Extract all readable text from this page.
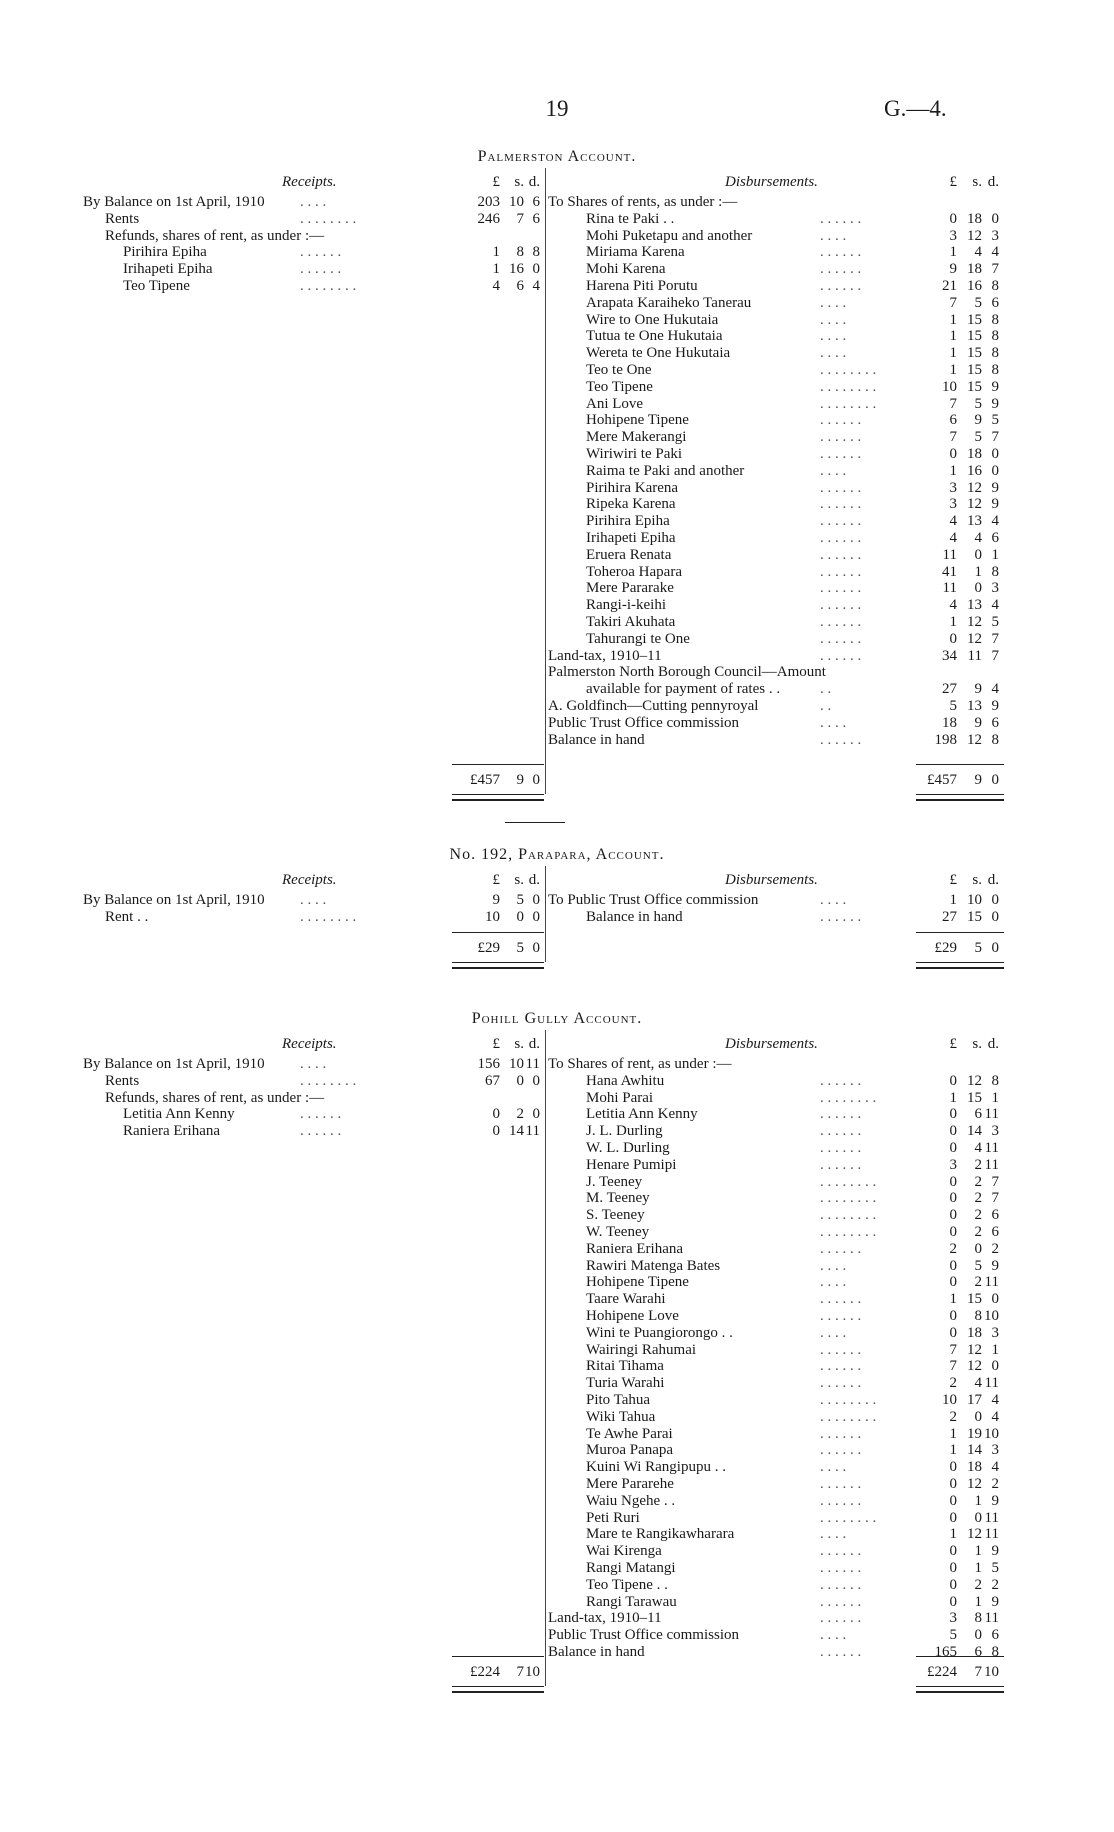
19	G.—4.
Palmerston Account.
Receipts.	£ s. d.	Disbursements.	£	s. d.
By Balance on 1st April, 1910 . . . .	203 10 6
Rents	. . . . . . . .	246	7 6
Refunds, shares of rent, as under :—
Pirihira Epiha	. . . . . .	1	8 8
Irihapeti Epiha	. . . . . .	1 16 0
Teo Tipene	. . . . . . . .	4	6 4
To Shares of rents, as under :—
Rina te Paki . .	. . . . . .	0 18 0
Mohi Puketapu and another	. . . .	3 12 3
Miriama Karena	. . . . . .	1	4 4
Mohi Karena	. . . . . .	9 18 7
Harena Piti Porutu	. . . . . .	21 16 8
Arapata Karaiheko Tanerau	. . . .	7	5 6
Wire to One Hukutaia	. . . .	1 15 8
Tutua te One Hukutaia	. . . .	1 15 8
Wereta te One Hukutaia	. . . .	1 15 8
Teo te One	. . . . . . . .	1 15 8
Teo Tipene	. . . . . . . .	10 15 9
Ani Love	. . . . . . . .	7	5 9
Hohipene Tipene	. . . . . .	6	9 5
Mere Makerangi	. . . . . .	7	5 7
Wiriwiri te Paki	. . . . . .	0 18 0
Raima te Paki and another	. . . .	1 16 0
Pirihira Karena	. . . . . .	3 12 9
Ripeka Karena	. . . . . .	3 12 9
Pirihira Epiha	. . . . . .	4 13 4
Irihapeti Epiha	. . . . . .	4	4 6
Eruera Renata	. . . . . .	11	0 1
Toheroa Hapara	. . . . . .	41	1 8
Mere Pararake	. . . . . .	11	0 3
Rangi-i-keihi	. . . . . .	4 13 4
Takiri Akuhata	. . . . . .	1 12 5
Tahurangi te One	. . . . . .	0 12 7
Land-tax, 1910–11	. . . . . .	34 11 7
Palmerston North Borough Council—Amount
available for payment of rates . .	. .	27	9 4
A. Goldfinch—Cutting pennyroyal	. .	5 13 9
Public Trust Office commission	. . . .	18	9 6
Balance in hand	. . . . . .	198 12 8
£457	9 0	£457	9 0
No. 192, Parapara, Account.
Receipts.	£ s. d.	Disbursements.	£	s. d.
By Balance on 1st April, 1910 . . . .	9	5 0
Rent . .	. . . . . . . .	10	0 0
To Public Trust Office commission	. . . .	1 10 0
Balance in hand	. . . . . .	27 15 0
£29	5 0	£29	5 0
Pohill Gully Account.
Receipts.	£ s. d.	Disbursements.	£	s. d.
By Balance on 1st April, 1910 . . . .	156 10 11
Rents	. . . . . . . .	67	0 0
Refunds, shares of rent, as under :—
Letitia Ann Kenny	. . . . . .	0	2 0
Raniera Erihana	. . . . . .	0 14 11
To Shares of rent, as under :—
Hana Awhitu	. . . . . .	0 12 8
Mohi Parai	. . . . . . . .	1 15 1
Letitia Ann Kenny	. . . . . .	0	6 11
J. L. Durling	. . . . . .	0 14 3
W. L. Durling	. . . . . .	0	4 11
Henare Pumipi	. . . . . .	3	2 11
J. Teeney	. . . . . . . .	0	2 7
M. Teeney	. . . . . . . .	0	2 7
S. Teeney	. . . . . . . .	0	2 6
W. Teeney	. . . . . . . .	0	2 6
Raniera Erihana	. . . . . .	2	0 2
Rawiri Matenga Bates	. . . .	0	5 9
Hohipene Tipene	. . . .	0	2 11
Taare Warahi	. . . . . .	1 15 0
Hohipene Love	. . . . . .	0	8 10
Wini te Puangiorongo . .	. . . .	0 18 3
Wairingi Rahumai	. . . . . .	7 12 1
Ritai Tihama	. . . . . .	7 12 0
Turia Warahi	. . . . . .	2	4 11
Pito Tahua	. . . . . . . .	10 17 4
Wiki Tahua	. . . . . . . .	2	0 4
Te Awhe Parai	. . . . . .	1 19 10
Muroa Panapa	. . . . . .	1 14 3
Kuini Wi Rangipupu . .	. . . .	0 18 4
Mere Pararehe	. . . . . .	0 12 2
Waiu Ngehe . .	. . . . . .	0	1 9
Peti Ruri	. . . . . . . .	0	0 11
Mare te Rangikawharara	. . . .	1 12 11
Wai Kirenga	. . . . . .	0	1 9
Rangi Matangi	. . . . . .	0	1 5
Teo Tipene . .	. . . . . .	0	2 2
Rangi Tarawau	. . . . . .	0	1 9
Land-tax, 1910–11	. . . . . .	3	8 11
Public Trust Office commission	. . . .	5	0 6
Balance in hand	. . . . . .	165	6 8
£224	7 10	£224	7 10
